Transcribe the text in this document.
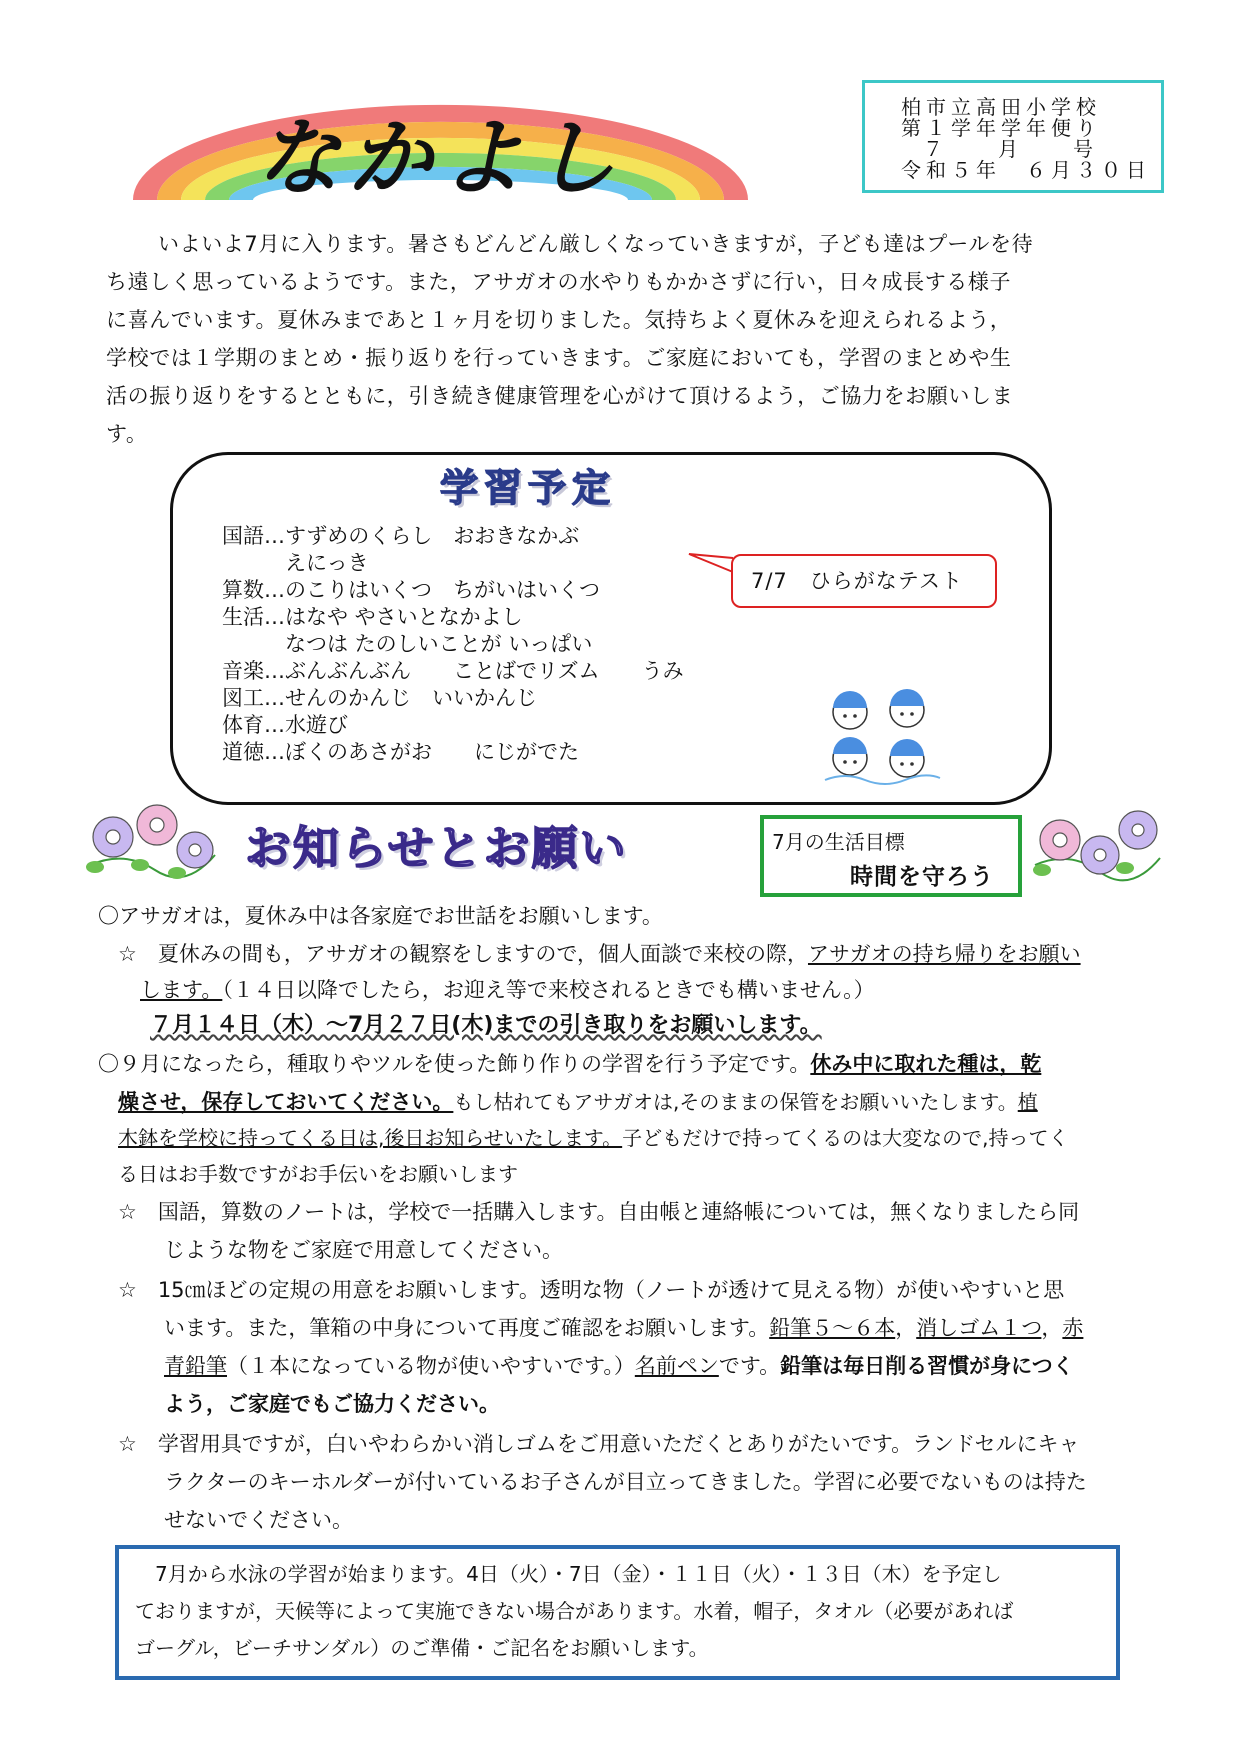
なかよし
柏市立高田小学校
第１学年学年便り
７　　月　　号
令和５年　６月３０日
いよいよ7月に入ります。暑さもどんどん厳しくなっていきますが，子ども達はプールを待
ち遠しく思っているようです。また，アサガオの水やりもかかさずに行い，日々成長する様子
に喜んでいます。夏休みまであと１ヶ月を切りました。気持ちよく夏休みを迎えられるよう，
学校では１学期のまとめ・振り返りを行っていきます。ご家庭においても，学習のまとめや生
活の振り返りをするとともに，引き続き健康管理を心がけて頂けるよう，ご協力をお願いしま
す。
学習予定
国語…すずめのくらし　おおきなかぶ
　　　えにっき
算数…のこりはいくつ　ちがいはいくつ
生活…はなや やさいとなかよし
　　　なつは たのしいことが いっぱい
音楽…ぶんぶんぶん　　ことばでリズム　　うみ
図工…せんのかんじ　いいかんじ
体育…水遊び
道徳…ぼくのあさがお　　にじがでた
7/7　ひらがなテスト
お知らせとお願い	7月の生活目標
時間を守ろう
〇アサガオは，夏休み中は各家庭でお世話をお願いします。
☆　夏休みの間も，アサガオの観察をしますので，個人面談で来校の際，アサガオの持ち帰りをお願い
します。（１４日以降でしたら，お迎え等で来校されるときでも構いません。）
７月１４日（木）～7月２７日(木)までの引き取りをお願いします。
〇９月になったら，種取りやツルを使った飾り作りの学習を行う予定です。休み中に取れた種は，乾
燥させ，保存しておいてください。もし枯れてもアサガオは,そのままの保管をお願いいたします。植
木鉢を学校に持ってくる日は,後日お知らせいたします。子どもだけで持ってくるのは大変なので,持ってく
る日はお手数ですがお手伝いをお願いします
☆　国語，算数のノートは，学校で一括購入します。自由帳と連絡帳については，無くなりましたら同
じような物をご家庭で用意してください。
☆　15㎝ほどの定規の用意をお願いします。透明な物（ノートが透けて見える物）が使いやすいと思
います。また，筆箱の中身について再度ご確認をお願いします。鉛筆５～６本，消しゴム１つ，赤
青鉛筆（１本になっている物が使いやすいです。）名前ペンです。鉛筆は毎日削る習慣が身につく
よう，ご家庭でもご協力ください。
☆　学習用具ですが，白いやわらかい消しゴムをご用意いただくとありがたいです。ランドセルにキャ
ラクターのキーホルダーが付いているお子さんが目立ってきました。学習に必要でないものは持た
せないでください。
　7月から水泳の学習が始まります。4日（火）・7日（金）・１１日（火）・１３日（木）を予定し
ておりますが，天候等によって実施できない場合があります。水着，帽子，タオル（必要があれば
ゴーグル，ビーチサンダル）のご準備・ご記名をお願いします。
